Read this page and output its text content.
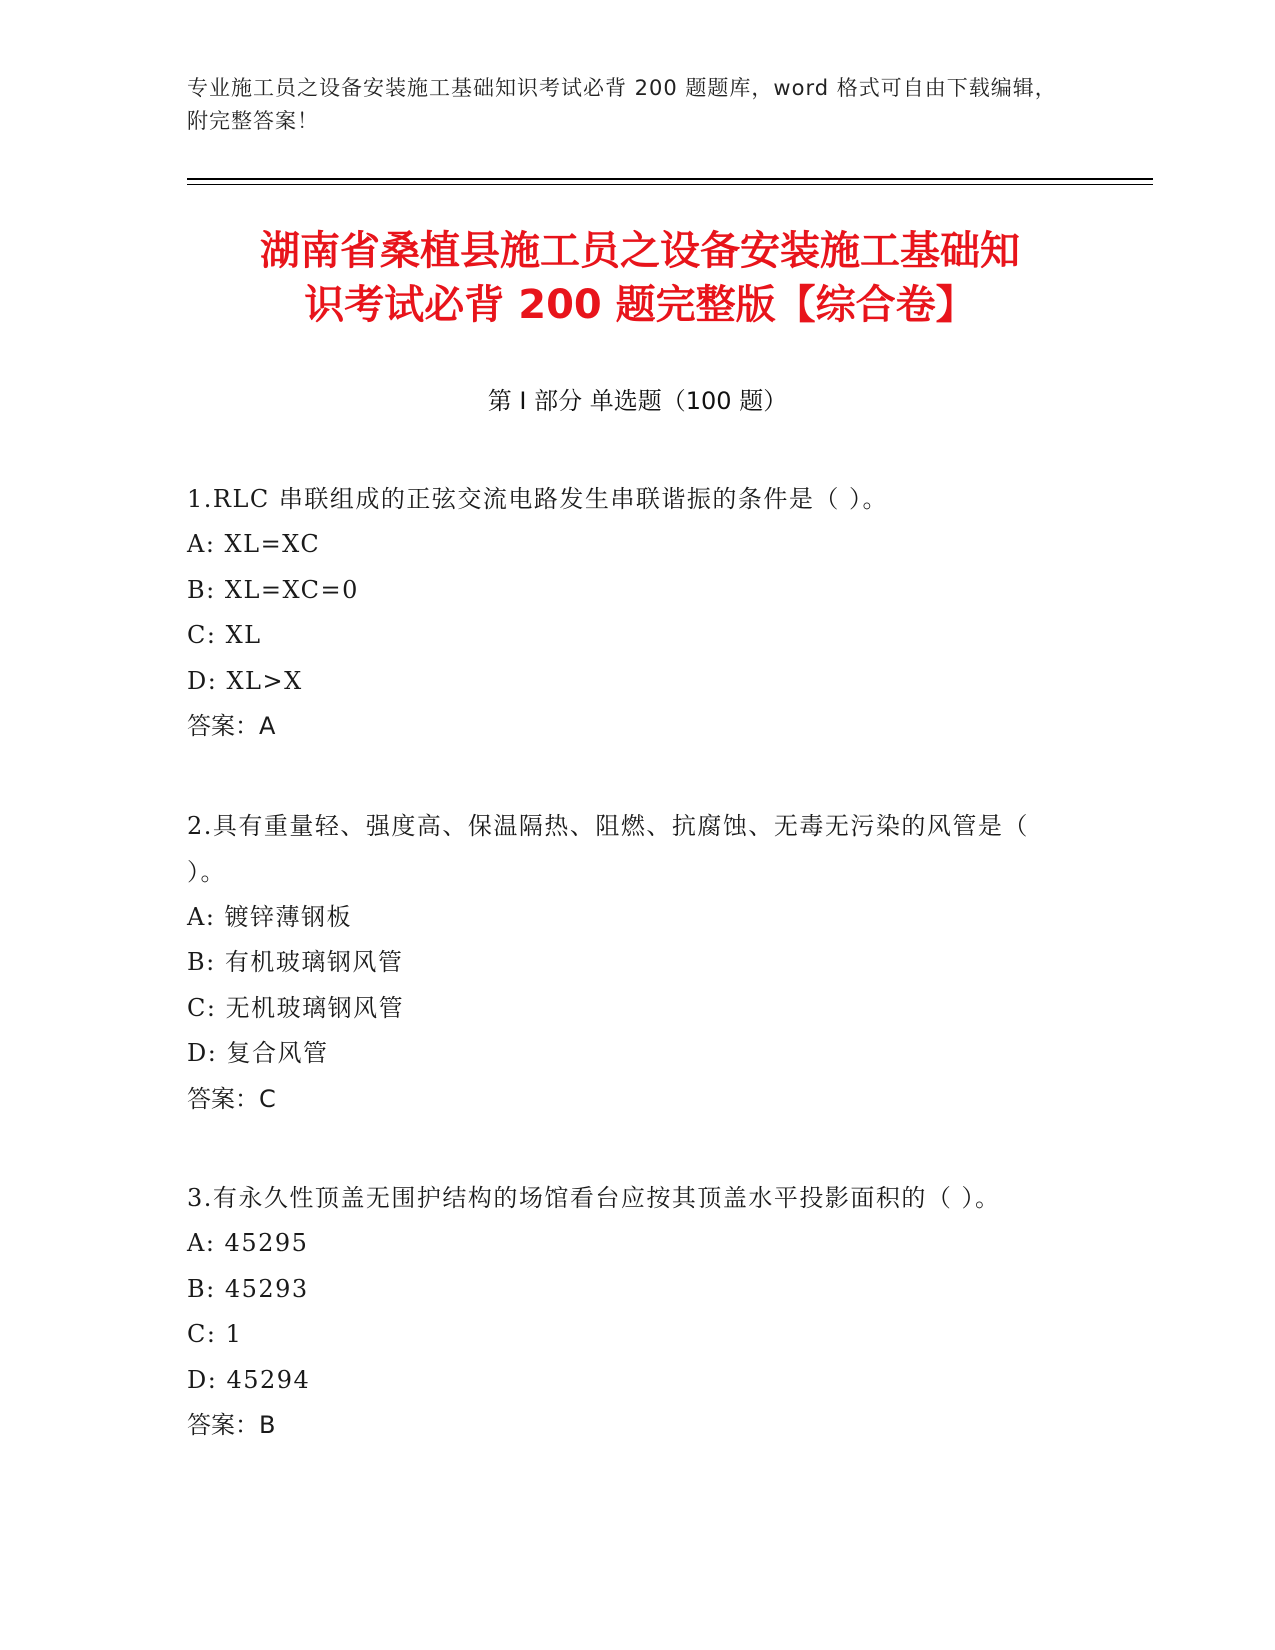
专业施工员之设备安装施工基础知识考试必背 200 题题库，word 格式可自由下载编辑，附完整答案！
湖南省桑植县施工员之设备安装施工基础知
识考试必背 200 题完整版【综合卷】
第 I 部分 单选题（100 题）

1.RLC 串联组成的正弦交流电路发生串联谐振的条件是（ ）。

A: XL=XC

B: XL=XC=0

C: XL

D: XL>X

答案：A

2.具有重量轻、强度高、保温隔热、阻燃、抗腐蚀、无毒无污染的风管是（ ）。

A: 镀锌薄钢板

B: 有机玻璃钢风管

C: 无机玻璃钢风管

D: 复合风管

答案：C

3.有永久性顶盖无围护结构的场馆看台应按其顶盖水平投影面积的（ ）。

A: 45295

B: 45293

C: 1

D: 45294

答案：B
